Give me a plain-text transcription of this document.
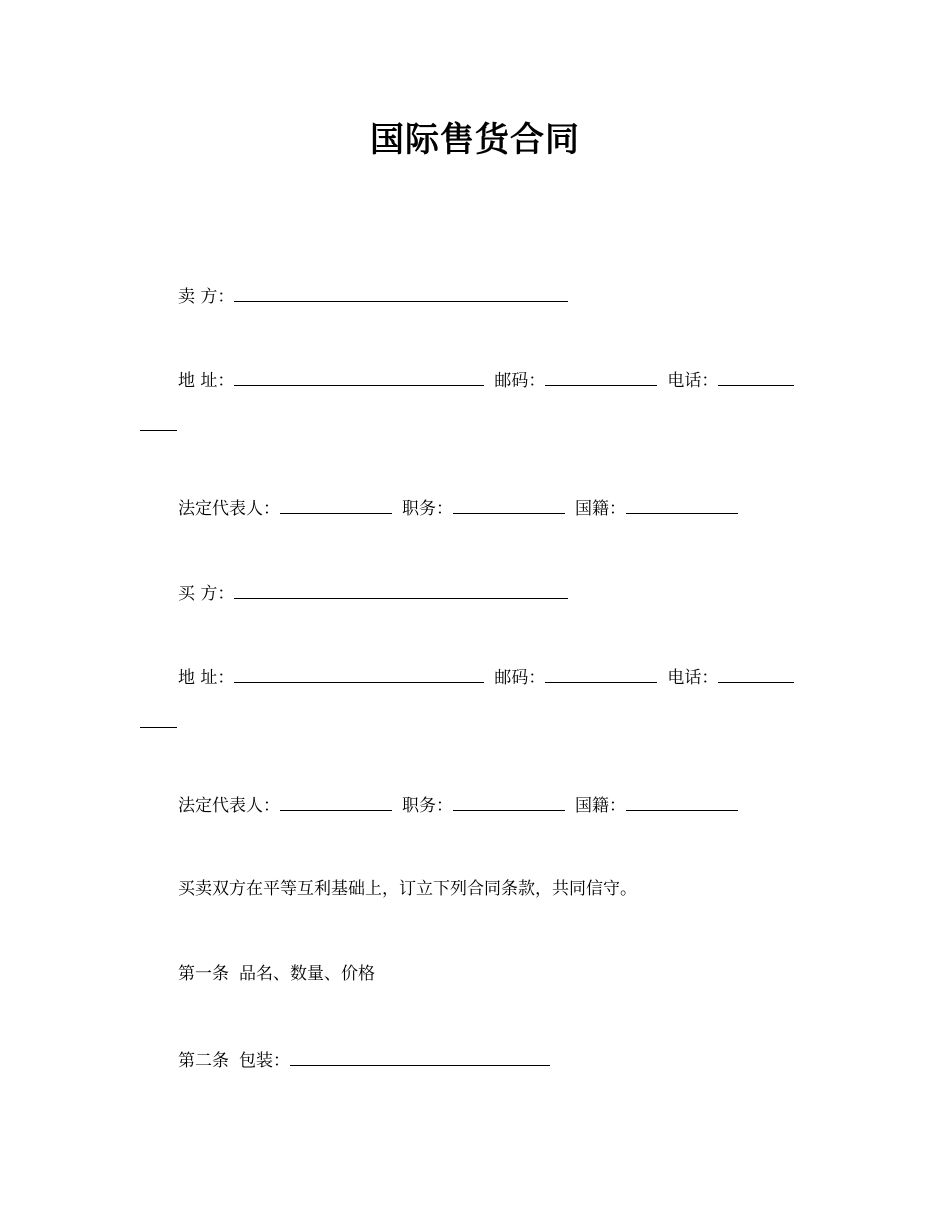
国际售货合同
卖 方：
地 址：	邮码：	电话：
法定代表人：	职务：	国籍：
买 方：
地 址：	邮码：	电话：
法定代表人：	职务：	国籍：
买卖双方在平等互利基础上，订立下列合同条款，共同信守。
第一条 品名、数量、价格
第二条 包装：
